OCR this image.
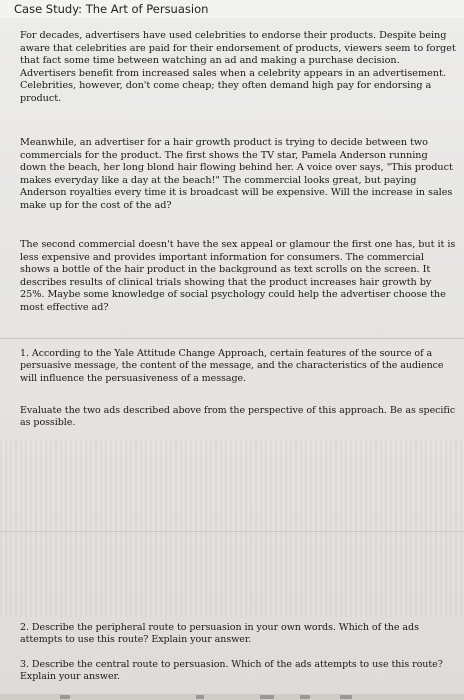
Case Study: The Art of Persuasion
For decades, advertisers have used celebrities to endorse their products. Despite being aware that celebrities are paid for their endorsement of products, viewers seem to forget that fact some time between watching an ad and making a purchase decision. Advertisers benefit from increased sales when a celebrity appears in an advertisement. Celebrities, however, don't come cheap; they often demand high pay for endorsing a product.
Meanwhile, an advertiser for a hair growth product is trying to decide between two commercials for the product. The first shows the TV star, Pamela Anderson running down the beach, her long blond hair flowing behind her. A voice over says, "This product makes everyday like a day at the beach!" The commercial looks great, but paying Anderson royalties every time it is broadcast will be expensive. Will the increase in sales make up for the cost of the ad?
The second commercial doesn't have the sex appeal or glamour the first one has, but it is less expensive and provides important information for consumers. The commercial shows a bottle of the hair product in the background as text scrolls on the screen. It describes results of clinical trials showing that the product increases hair growth by 25%. Maybe some knowledge of social psychology could help the advertiser choose the most effective ad?
1. According to the Yale Attitude Change Approach, certain features of the source of a persuasive message, the content of the message, and the characteristics of the audience will influence the persuasiveness of a message.
Evaluate the two ads described above from the perspective of this approach. Be as specific as possible.
2. Describe the peripheral route to persuasion in your own words. Which of the ads attempts to use this route? Explain your answer.
3. Describe the central route to persuasion. Which of the ads attempts to use this route? Explain your answer.
